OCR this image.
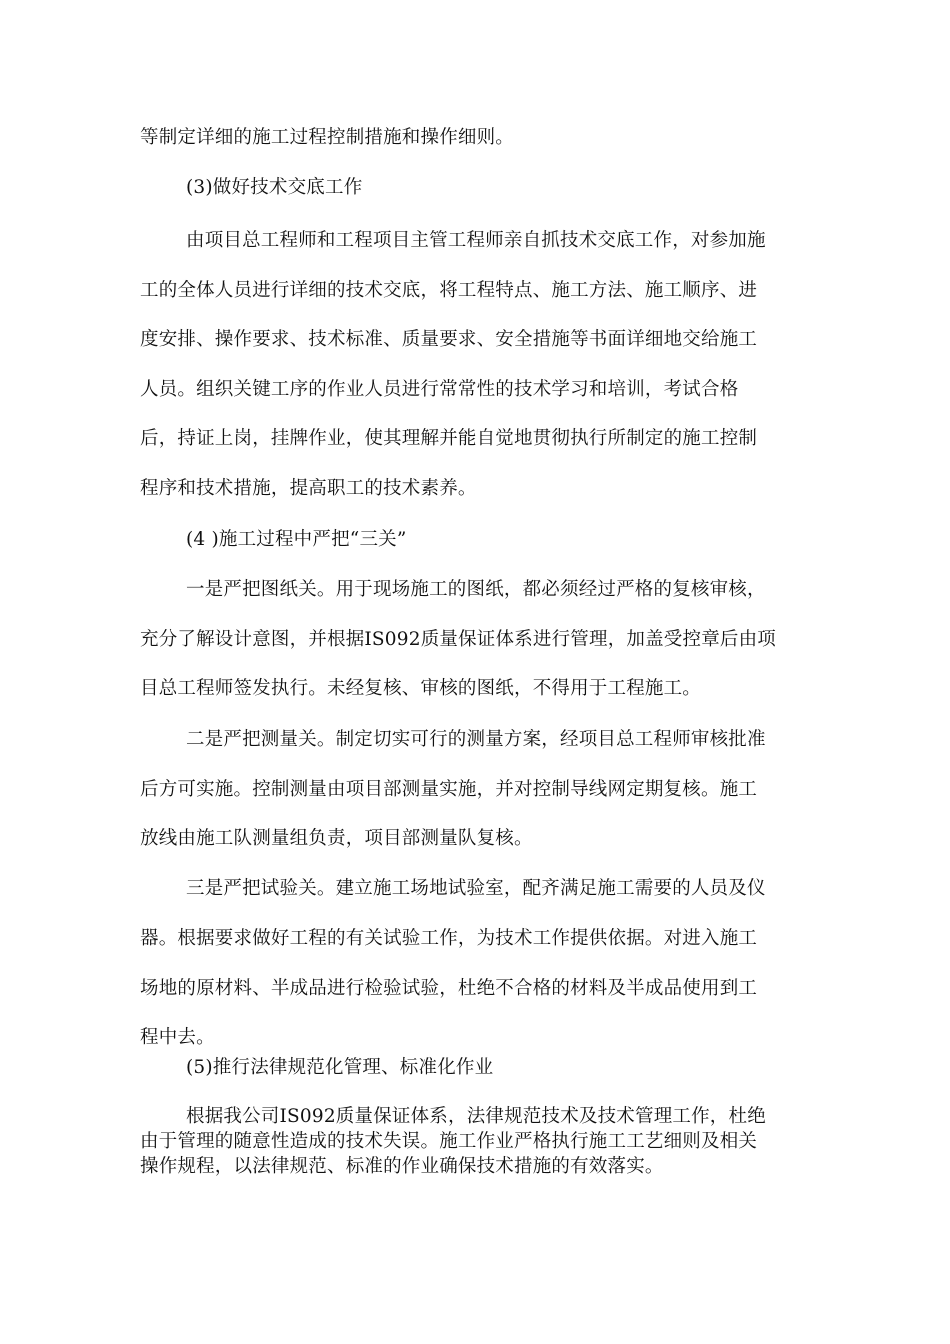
等制定详细的施工过程控制措施和操作细则。
(3)做好技术交底工作
由项目总工程师和工程项目主管工程师亲自抓技术交底工作，对参加施
工的全体人员进行详细的技术交底，将工程特点、施工方法、施工顺序、进
度安排、操作要求、技术标准、质量要求、安全措施等书面详细地交给施工
人员。组织关键工序的作业人员进行常常性的技术学习和培训，考试合格
后，持证上岗，挂牌作业，使其理解并能自觉地贯彻执行所制定的施工控制
程序和技术措施，提高职工的技术素养。
(4 )施工过程中严把“三关”
一是严把图纸关。用于现场施工的图纸，都必须经过严格的复核审核，
充分了解设计意图，并根据IS092质量保证体系进行管理，加盖受控章后由项
目总工程师签发执行。未经复核、审核的图纸，不得用于工程施工。
二是严把测量关。制定切实可行的测量方案，经项目总工程师审核批准
后方可实施。控制测量由项目部测量实施，并对控制导线网定期复核。施工
放线由施工队测量组负责，项目部测量队复核。
三是严把试验关。建立施工场地试验室，配齐满足施工需要的人员及仪
器。根据要求做好工程的有关试验工作，为技术工作提供依据。对进入施工
场地的原材料、半成品进行检验试验，杜绝不合格的材料及半成品使用到工
程中去。
(5)推行法律规范化管理、标准化作业
根据我公司IS092质量保证体系，法律规范技术及技术管理工作，杜绝
由于管理的随意性造成的技术失误。施工作业严格执行施工工艺细则及相关
操作规程，以法律规范、标准的作业确保技术措施的有效落实。
